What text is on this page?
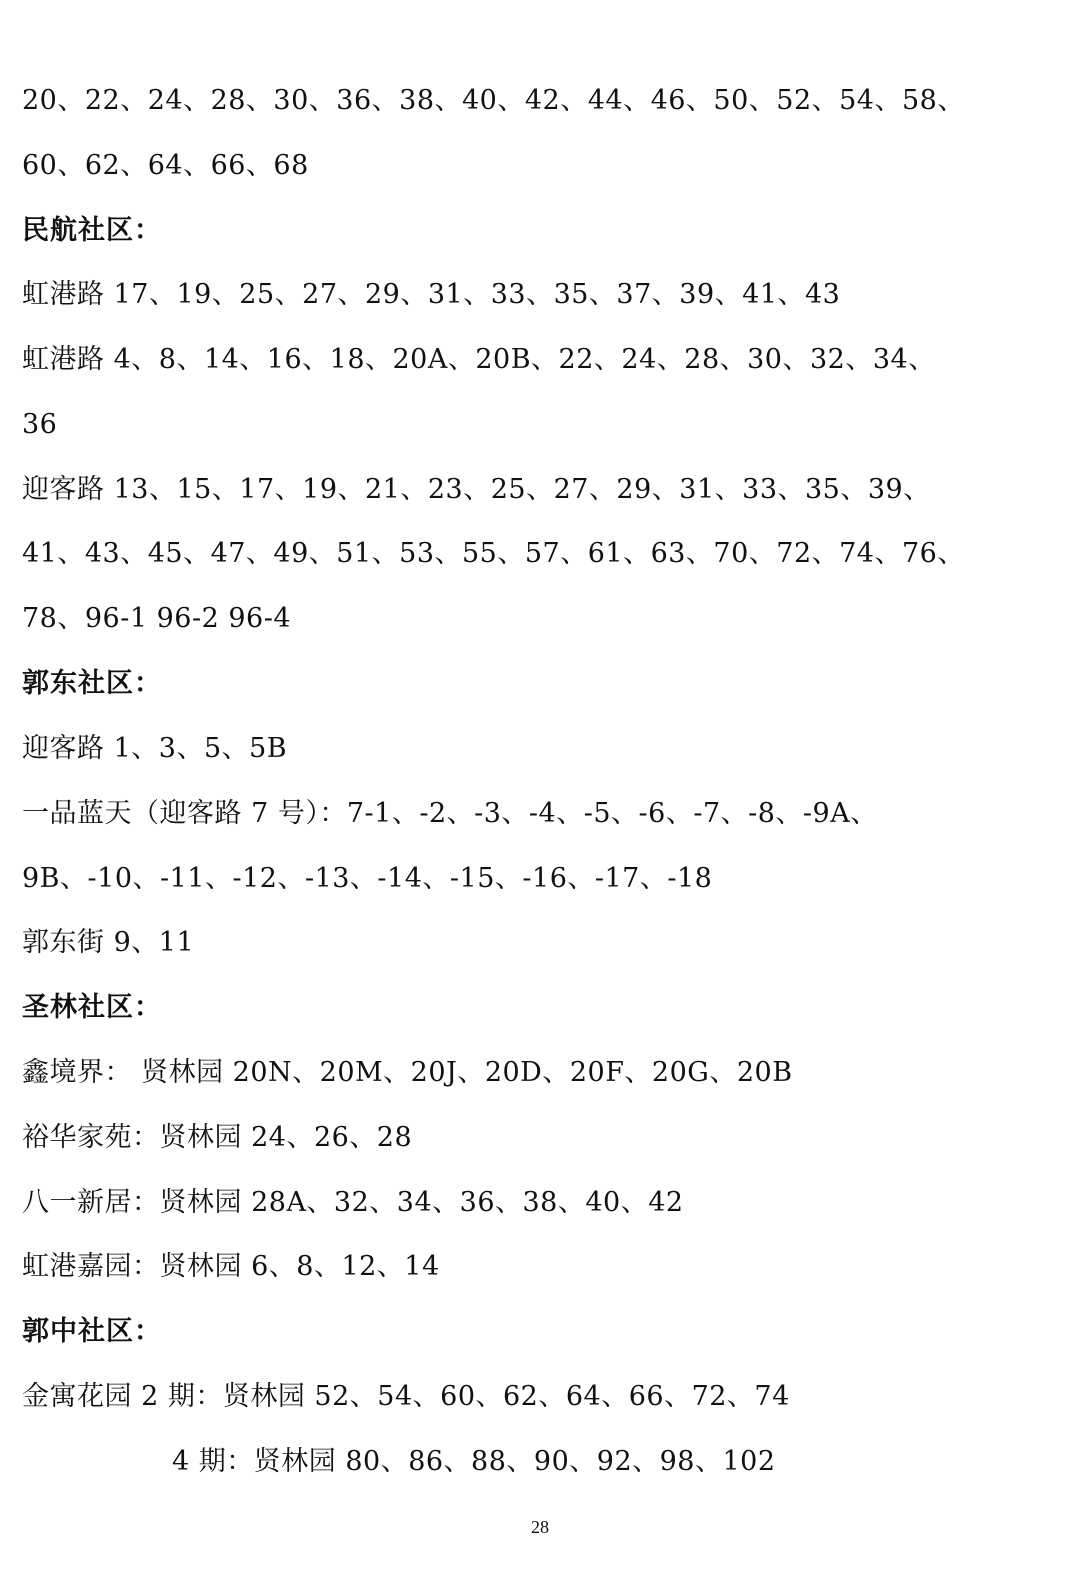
20、22、24、28、30、36、38、40、42、44、46、50、52、54、58、
60、62、64、66、68
民航社区：
虹港路 17、19、25、27、29、31、33、35、37、39、41、43
虹港路 4、8、14、16、18、20A、20B、22、24、28、30、32、34、
36
迎客路 13、15、17、19、21、23、25、27、29、31、33、35、39、
41、43、45、47、49、51、53、55、57、61、63、70、72、74、76、
78、96-1 96-2 96-4
郭东社区：
迎客路 1、3、5、5B
一品蓝天（迎客路 7 号）：7-1、-2、-3、-4、-5、-6、-7、-8、-9A、
9B、-10、-11、-12、-13、-14、-15、-16、-17、-18
郭东街 9、11
圣林社区：
鑫境界： 贤林园 20N、20M、20J、20D、20F、20G、20B
裕华家苑：贤林园 24、26、28
八一新居：贤林园 28A、32、34、36、38、40、42
虹港嘉园：贤林园 6、8、12、14
郭中社区：
金寓花园 2 期：贤林园 52、54、60、62、64、66、72、74
4 期：贤林园 80、86、88、90、92、98、102
28
